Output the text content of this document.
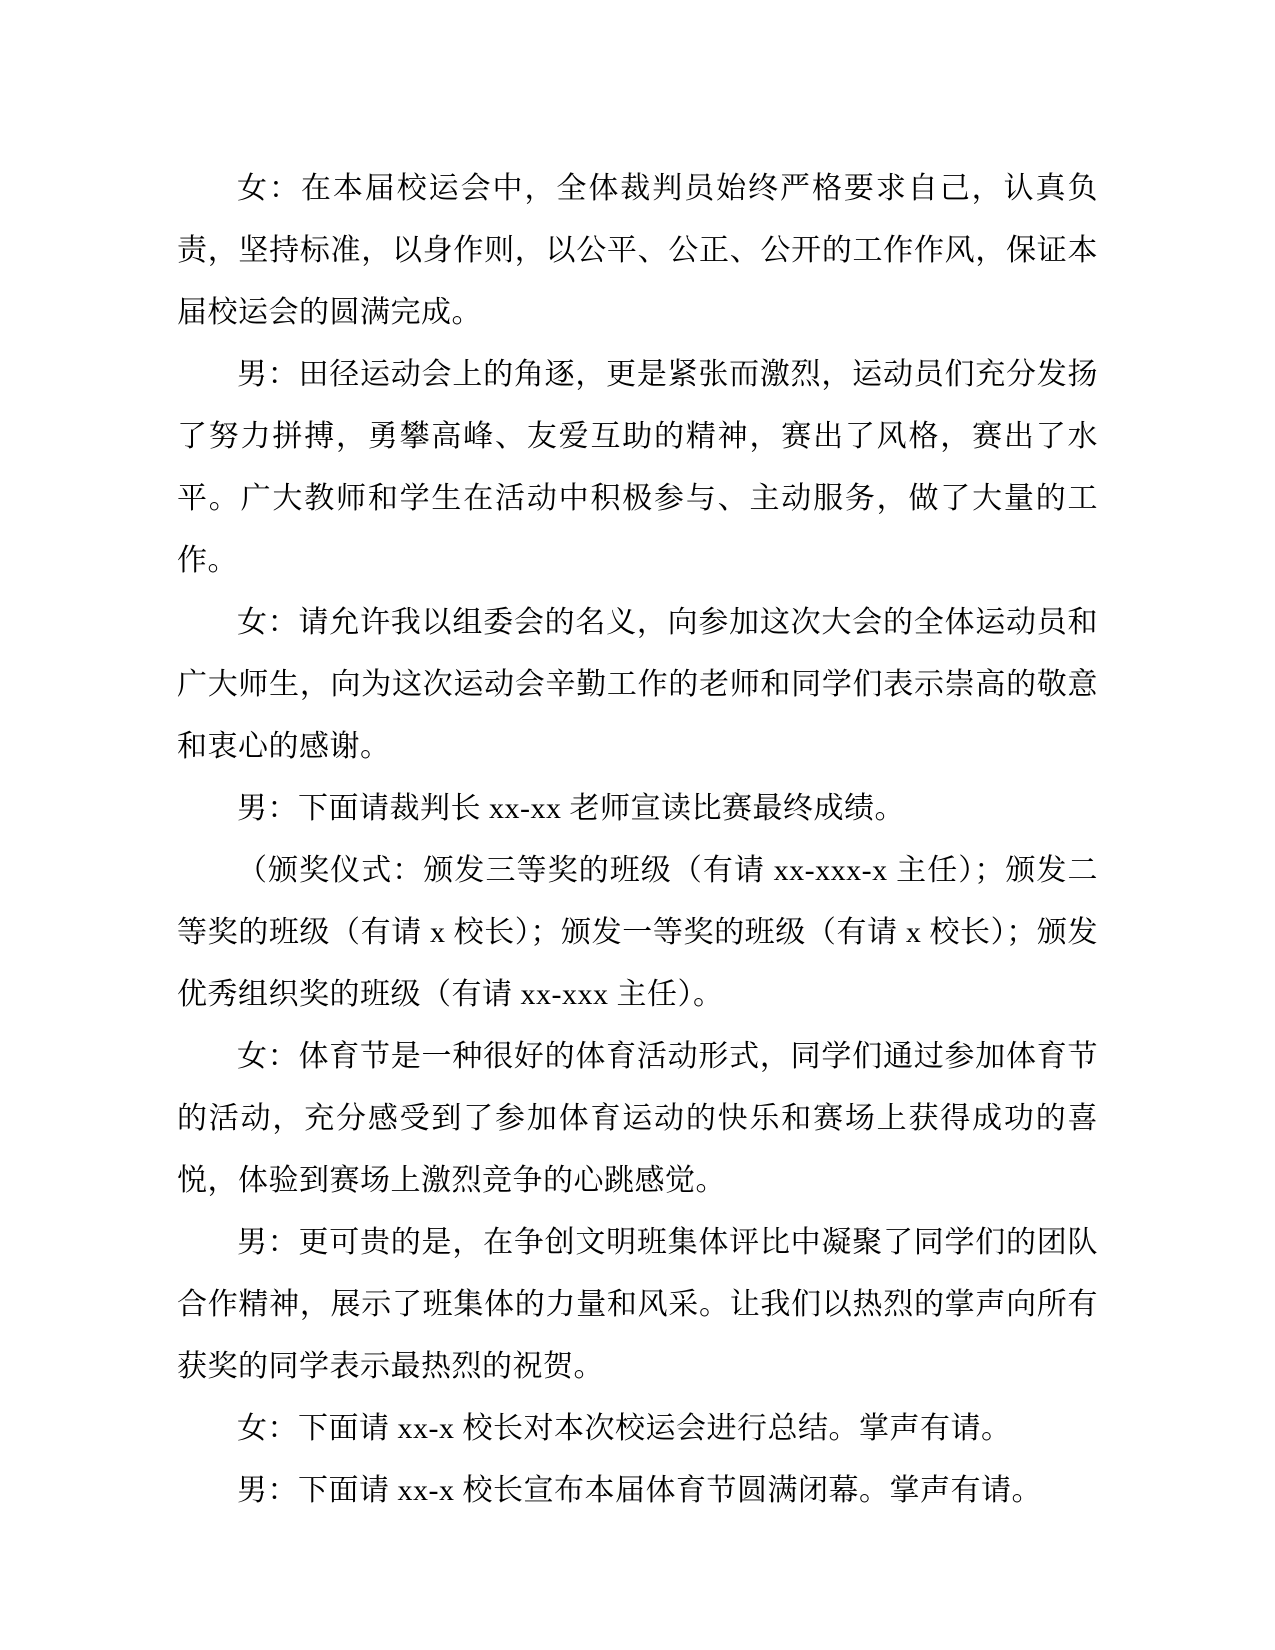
女：在本届校运会中，全体裁判员始终严格要求自己，认真负责，坚持标准，以身作则，以公平、公正、公开的工作作风，保证本届校运会的圆满完成。

男：田径运动会上的角逐，更是紧张而激烈，运动员们充分发扬了努力拼搏，勇攀高峰、友爱互助的精神，赛出了风格，赛出了水平。广大教师和学生在活动中积极参与、主动服务，做了大量的工作。

女：请允许我以组委会的名义，向参加这次大会的全体运动员和广大师生，向为这次运动会辛勤工作的老师和同学们表示崇高的敬意和衷心的感谢。

男：下面请裁判长 xx-xx 老师宣读比赛最终成绩。

（颁奖仪式：颁发三等奖的班级（有请 xx-xxx-x 主任）；颁发二等奖的班级（有请 x 校长）；颁发一等奖的班级（有请 x 校长）；颁发优秀组织奖的班级（有请 xx-xxx 主任）。

女：体育节是一种很好的体育活动形式，同学们通过参加体育节的活动，充分感受到了参加体育运动的快乐和赛场上获得成功的喜悦，体验到赛场上激烈竞争的心跳感觉。

男：更可贵的是，在争创文明班集体评比中凝聚了同学们的团队合作精神，展示了班集体的力量和风采。让我们以热烈的掌声向所有获奖的同学表示最热烈的祝贺。

女：下面请 xx-x 校长对本次校运会进行总结。掌声有请。

男：下面请 xx-x 校长宣布本届体育节圆满闭幕。掌声有请。
